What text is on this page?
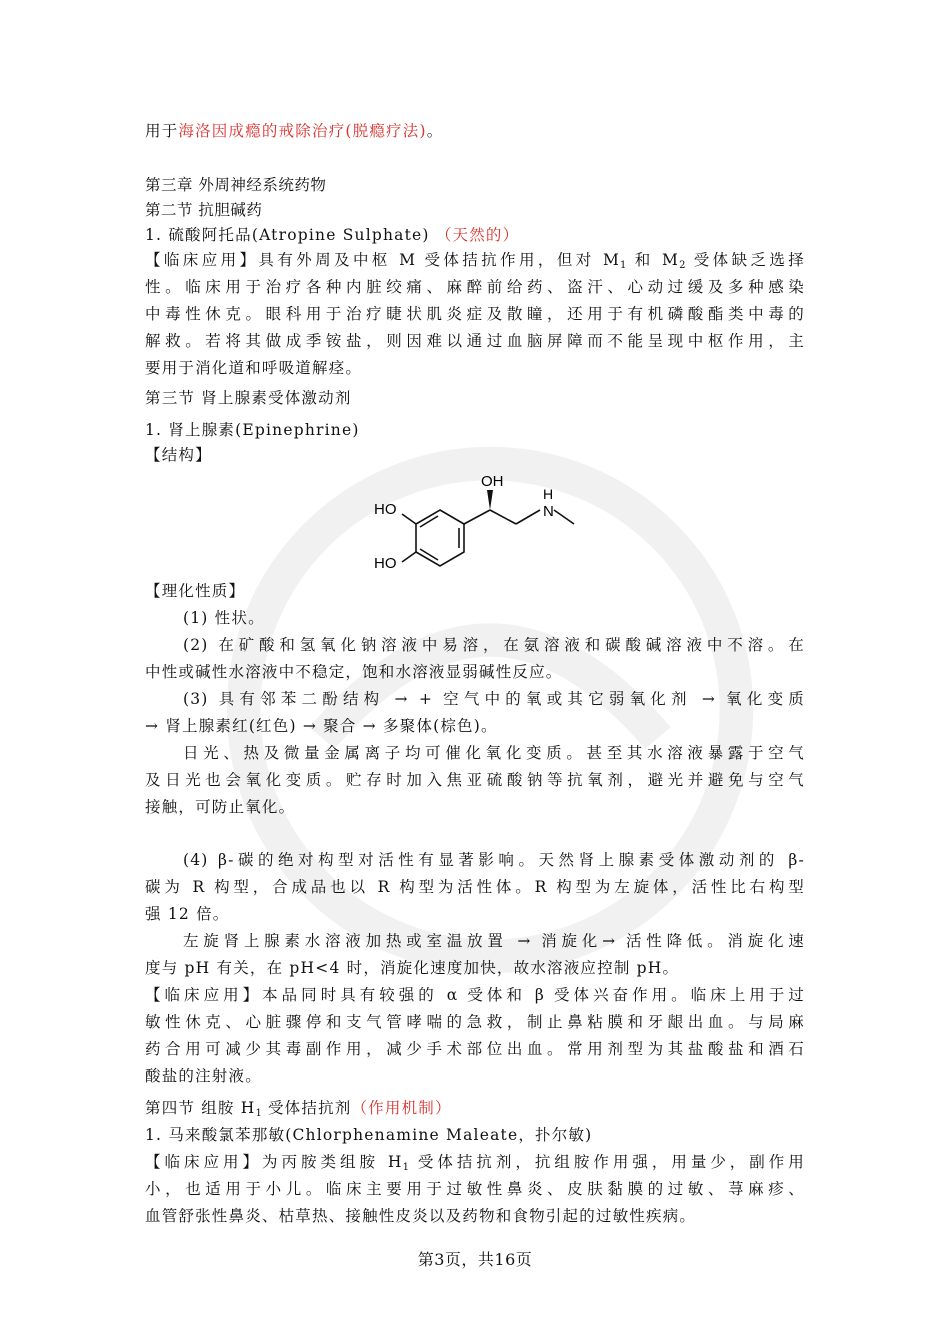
用于海洛因成瘾的戒除治疗(脱瘾疗法)。
第三章 外周神经系统药物
第二节 抗胆碱药
1. 硫酸阿托品(Atropine Sulphate) （天然的）
【临床应用】具有外周及中枢 M 受体拮抗作用，但对 $M_1$ 和 $M_2$ 受体缺乏选择
性。临床用于治疗各种内脏绞痛、麻醉前给药、盗汗、心动过缓及多种感染
中毒性休克。眼科用于治疗睫状肌炎症及散瞳，还用于有机磷酸酯类中毒的
解救。若将其做成季铵盐，则因难以通过血脑屏障而不能呈现中枢作用，主
要用于消化道和呼吸道解痉。
第三节 肾上腺素受体激动剂
1. 肾上腺素(Epinephrine)
【结构】
OH
HO
HO
N
H
【理化性质】
(1) 性状。
(2) 在矿酸和氢氧化钠溶液中易溶，在氨溶液和碳酸碱溶液中不溶。在
中性或碱性水溶液中不稳定，饱和水溶液显弱碱性反应。
(3) 具有邻苯二酚结构 → + 空气中的氧或其它弱氧化剂 → 氧化变质
→ 肾上腺素红(红色) → 聚合 → 多聚体(棕色)。
日光、热及微量金属离子均可催化氧化变质。甚至其水溶液暴露于空气
及日光也会氧化变质。贮存时加入焦亚硫酸钠等抗氧剂，避光并避免与空气
接触，可防止氧化。
(4) β-碳的绝对构型对活性有显著影响。天然肾上腺素受体激动剂的 β-
碳为 R 构型，合成品也以 R 构型为活性体。R 构型为左旋体，活性比右构型
强 12 倍。
左旋肾上腺素水溶液加热或室温放置 → 消旋化→ 活性降低。消旋化速
度与 pH 有关，在 pH<4 时，消旋化速度加快，故水溶液应控制 pH。
【临床应用】本品同时具有较强的 α 受体和 β 受体兴奋作用。临床上用于过
敏性休克、心脏骤停和支气管哮喘的急救，制止鼻粘膜和牙龈出血。与局麻
药合用可减少其毒副作用，减少手术部位出血。常用剂型为其盐酸盐和酒石
酸盐的注射液。
第四节 组胺 $H_1$ 受体拮抗剂（作用机制）
1. 马来酸氯苯那敏(Chlorphenamine Maleate，扑尔敏)
【临床应用】为丙胺类组胺 $H_1$ 受体拮抗剂，抗组胺作用强，用量少，副作用
小，也适用于小儿。临床主要用于过敏性鼻炎、皮肤黏膜的过敏、荨麻疹、
血管舒张性鼻炎、枯草热、接触性皮炎以及药物和食物引起的过敏性疾病。
第3页，共16页
